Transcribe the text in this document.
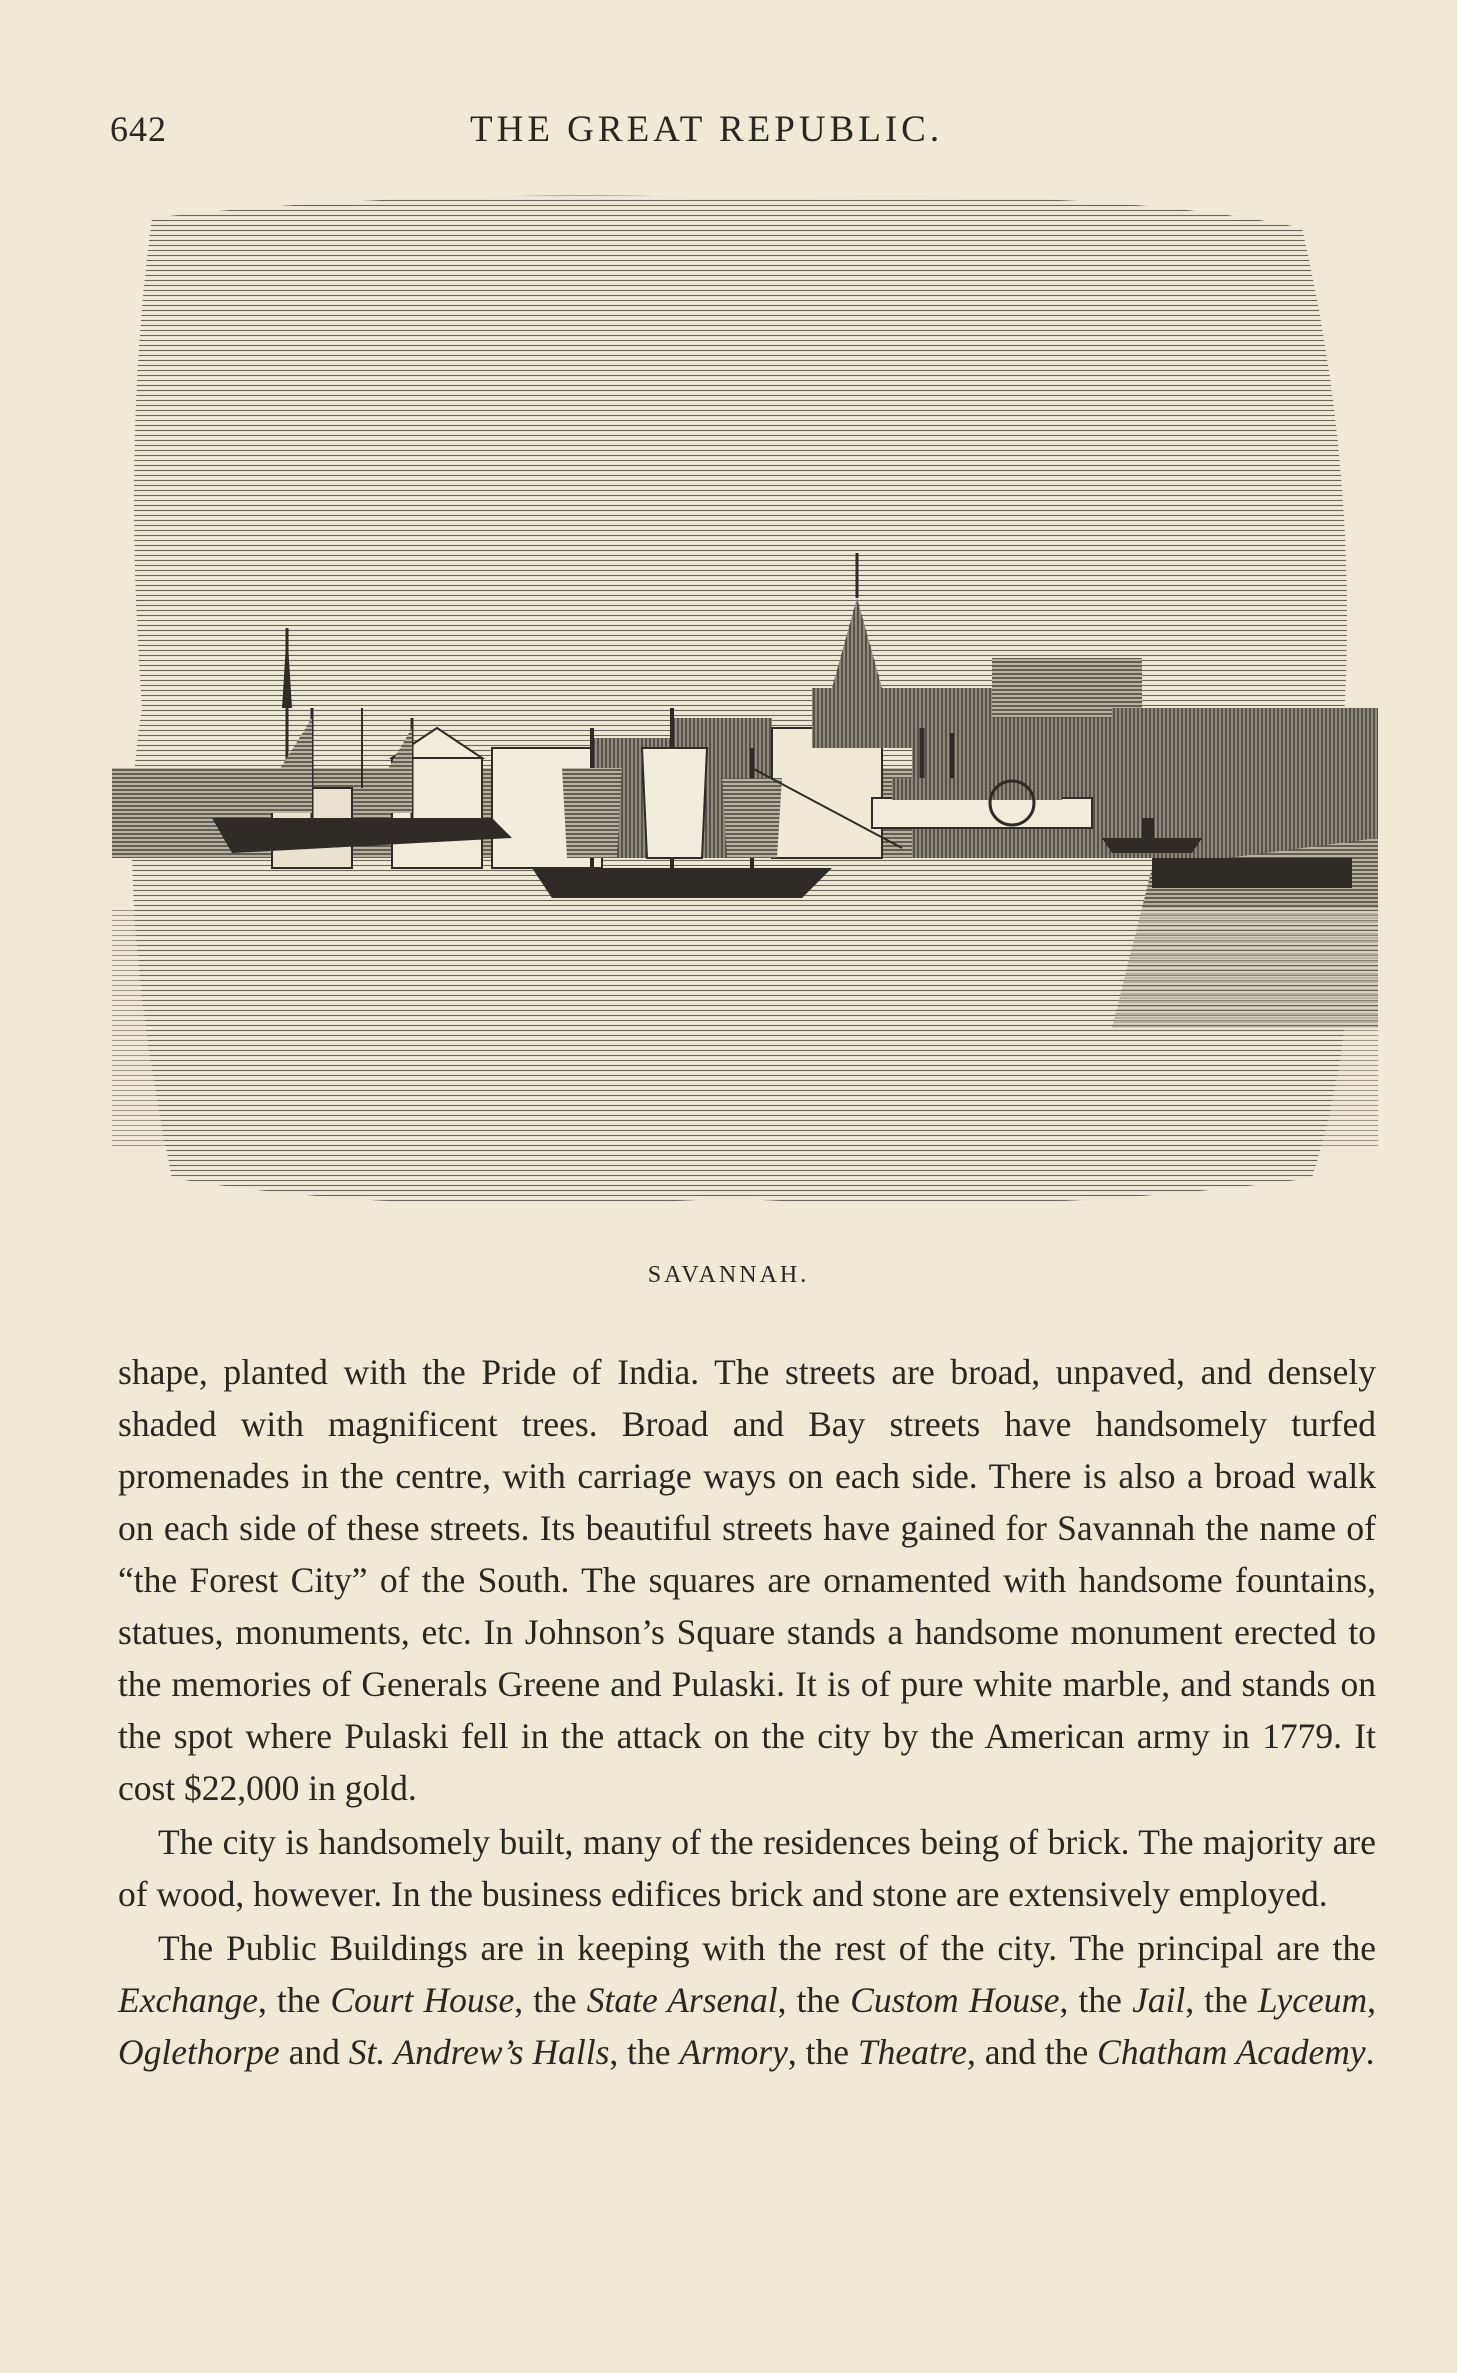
642	THE GREAT REPUBLIC.
SAVANNAH.

shape, planted with the Pride of India. The streets are broad, unpaved, and densely shaded with magnificent trees. Broad and Bay streets have handsomely turfed promenades in the centre, with carriage ways on each side. There is also a broad walk on each side of these streets. Its beautiful streets have gained for Savannah the name of “the Forest City” of the South. The squares are ornamented with handsome fountains, statues, monuments, etc. In Johnson’s Square stands a handsome monument erected to the memories of Generals Greene and Pulaski. It is of pure white marble, and stands on the spot where Pulaski fell in the attack on the city by the American army in 1779. It cost $22,000 in gold.

The city is handsomely built, many of the residences being of brick. The majority are of wood, however. In the business edifices brick and stone are extensively employed.

The Public Buildings are in keeping with the rest of the city. The principal are the Exchange, the Court House, the State Arsenal, the Custom House, the Jail, the Lyceum, Oglethorpe and St. Andrew’s Halls, the Armory, the Theatre, and the Chatham Academy.
